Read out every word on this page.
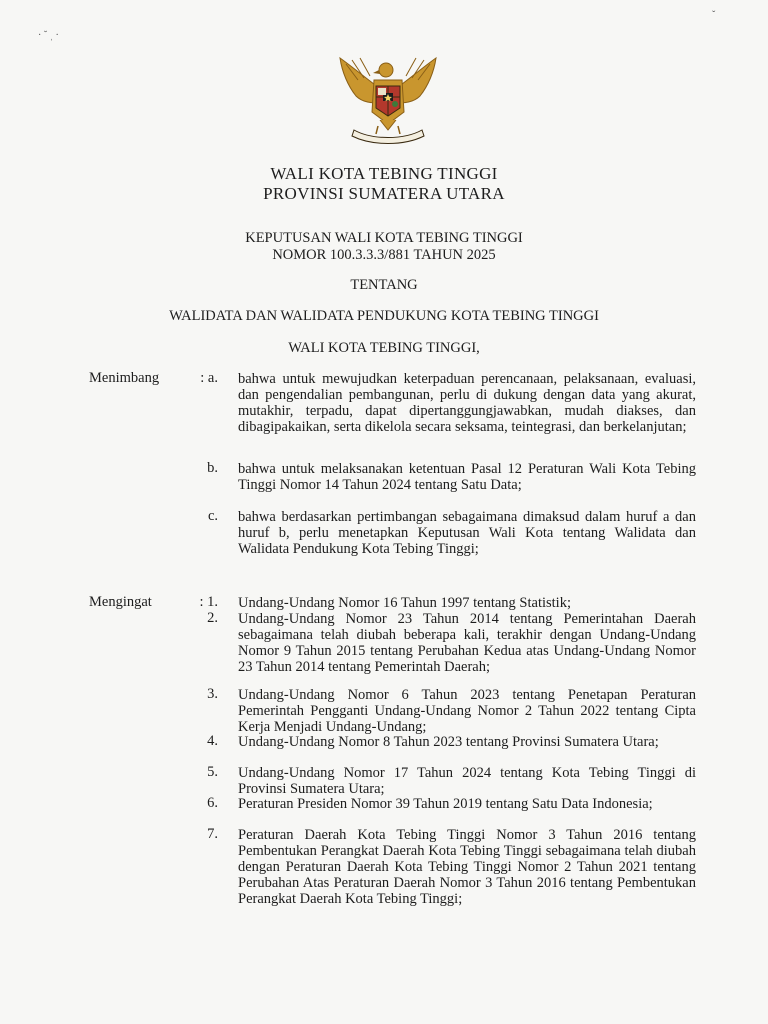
· ˘ ˌ ·
ˇ
WALI KOTA TEBING TINGGI
PROVINSI SUMATERA UTARA
KEPUTUSAN WALI KOTA TEBING TINGGI
NOMOR 100.3.3.3/881 TAHUN 2025
TENTANG
WALIDATA DAN WALIDATA PENDUKUNG KOTA TEBING TINGGI
WALI KOTA TEBING TINGGI,
Menimbang	: a. bahwa untuk mewujudkan keterpaduan perencanaan, pelaksanaan, evaluasi, dan pengendalian pembangunan, perlu di dukung dengan data yang akurat, mutakhir, terpadu, dapat dipertanggungjawabkan, mudah diakses, dan dibagipakaikan, serta dikelola secara seksama, teintegrasi, dan berkelanjutan;
b. bahwa untuk melaksanakan ketentuan Pasal 12 Peraturan Wali Kota Tebing Tinggi Nomor 14 Tahun 2024 tentang Satu Data;
c. bahwa berdasarkan pertimbangan sebagaimana dimaksud dalam huruf a dan huruf b, perlu menetapkan Keputusan Wali Kota tentang Walidata dan Walidata Pendukung Kota Tebing Tinggi;
Mengingat	: 1. Undang-Undang Nomor 16 Tahun 1997 tentang Statistik;
2. Undang-Undang Nomor 23 Tahun 2014 tentang Pemerintahan Daerah sebagaimana telah diubah beberapa kali, terakhir dengan Undang-Undang Nomor 9 Tahun 2015 tentang Perubahan Kedua atas Undang-Undang Nomor 23 Tahun 2014 tentang Pemerintah Daerah;
3. Undang-Undang Nomor 6 Tahun 2023 tentang Penetapan Peraturan Pemerintah Pengganti Undang-Undang Nomor 2 Tahun 2022 tentang Cipta Kerja Menjadi Undang-Undang;
4. Undang-Undang Nomor 8 Tahun 2023 tentang Provinsi Sumatera Utara;
5. Undang-Undang Nomor 17 Tahun 2024 tentang Kota Tebing Tinggi di Provinsi Sumatera Utara;
6. Peraturan Presiden Nomor 39 Tahun 2019 tentang Satu Data Indonesia;
7. Peraturan Daerah Kota Tebing Tinggi Nomor 3 Tahun 2016 tentang Pembentukan Perangkat Daerah Kota Tebing Tinggi sebagaimana telah diubah dengan Peraturan Daerah Kota Tebing Tinggi Nomor 2 Tahun 2021 tentang Perubahan Atas Peraturan Daerah Nomor 3 Tahun 2016 tentang Pembentukan Perangkat Daerah Kota Tebing Tinggi;
